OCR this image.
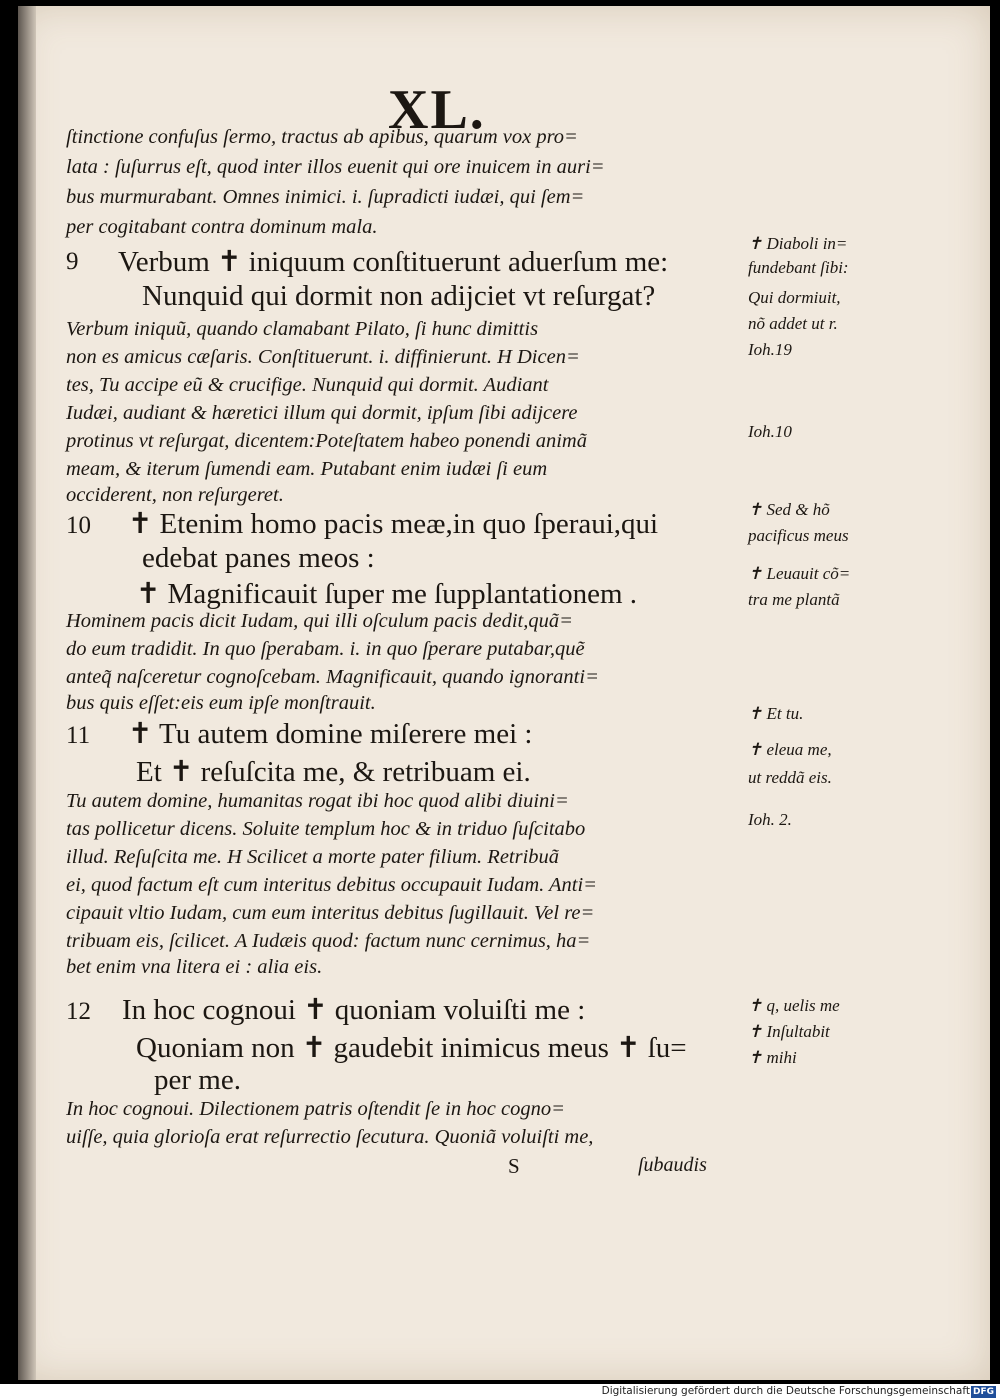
XL.
ſtinctione confuſus ſermo, tractus ab apibus, quarum vox pro=
lata : ſuſurrus eſt, quod inter illos euenit qui ore inuicem in auri=
bus murmurabant. Omnes inimici. i. ſupradicti iudæi, qui ſem=
per cogitabant contra dominum mala.
9 Verbum ✝ iniquum conſtituerunt aduerſum me:
Nunquid qui dormit non adijciet vt reſurgat?
Verbum iniquũ, quando clamabant Pilato, ſi hunc dimittis
non es amicus cæſaris. Conſtituerunt. i. diffinierunt. H Dicen=
tes, Tu accipe eũ & crucifige. Nunquid qui dormit. Audiant
Iudæi, audiant & hæretici illum qui dormit, ipſum ſibi adijcere
protinus vt reſurgat, dicentem:Poteſtatem habeo ponendi animã
meam, & iterum ſumendi eam. Putabant enim iudæi ſi eum
occiderent, non reſurgeret.
10 ✝ Etenim homo pacis meæ,in quo ſperaui,qui
edebat panes meos :
✝ Magnificauit ſuper me ſupplantationem .
Hominem pacis dicit Iudam, qui illi oſculum pacis dedit,quã=
do eum tradidit. In quo ſperabam. i. in quo ſperare putabar,quẽ
anteq̃ naſceretur cognoſcebam. Magnificauit, quando ignoranti=
bus quis eſſet:eis eum ipſe monſtrauit.
11 ✝ Tu autem domine miſerere mei :
Et ✝ reſuſcita me, & retribuam ei.
Tu autem domine, humanitas rogat ibi hoc quod alibi diuini=
tas pollicetur dicens. Soluite templum hoc & in triduo ſuſcitabo
illud. Reſuſcita me. H Scilicet a morte pater filium. Retribuã
ei, quod factum eſt cum interitus debitus occupauit Iudam. Anti=
cipauit vltio Iudam, cum eum interitus debitus ſugillauit. Vel re=
tribuam eis, ſcilicet. A Iudæis quod: factum nunc cernimus, ha=
bet enim vna litera ei : alia eis.
12 In hoc cognoui ✝ quoniam voluiſti me :
Quoniam non ✝ gaudebit inimicus meus ✝ ſu=
per me.
In hoc cognoui. Dilectionem patris oſtendit ſe in hoc cogno=
uiſſe, quia glorioſa erat reſurrectio ſecutura. Quoniã voluiſti me,
S	ſubaudis
✝ Diaboli in=
fundebant ſibi:
Qui dormiuit,
nõ addet ut r.
Ioh.19
Ioh.10
✝ Sed & hõ
pacificus meus
✝ Leuauit cõ=
tra me plantã
✝ Et tu.
✝ eleua me,
ut reddã eis.
Ioh. 2.
✝ q, uelis me
✝ Inſultabit
✝ mihi
Digitalisierung gefördert durch die Deutsche Forschungsgemeinschaft DFG
